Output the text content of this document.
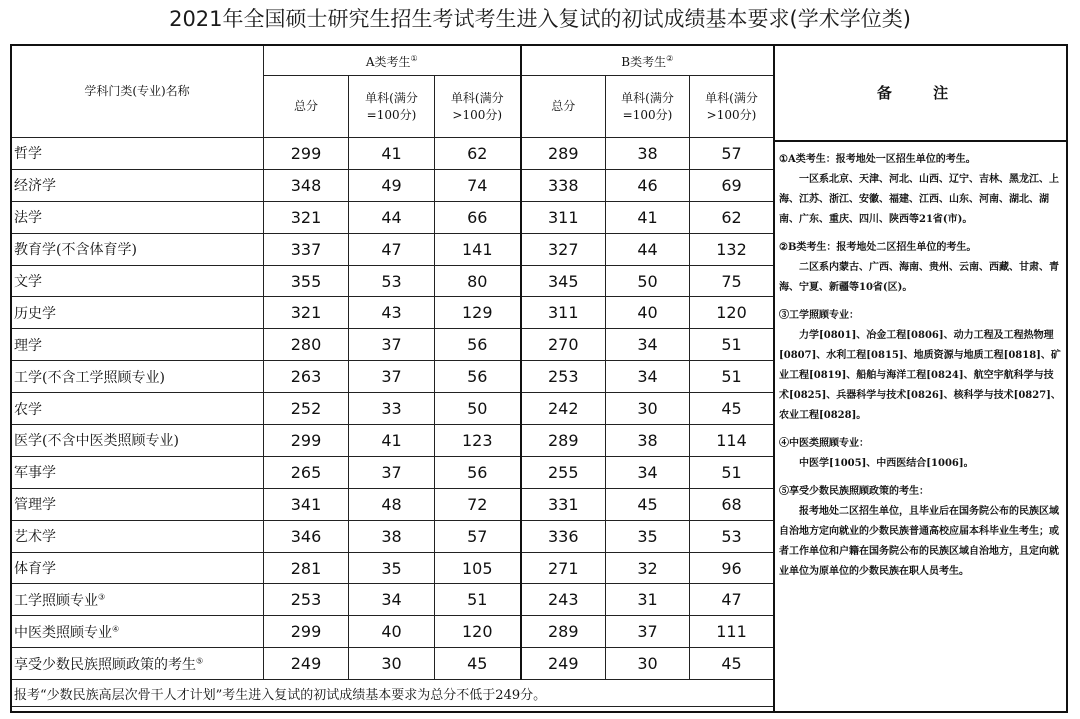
2021年全国硕士研究生招生考试考生进入复试的初试成绩基本要求(学术学位类)
学科门类(专业)名称	A类考生①			B类考生②
	总分	单科(满分=100分)	单科(满分>100分)	总分	单科(满分=100分)	单科(满分>100分)
哲学	299	41	62	289	38	57
经济学	348	49	74	338	46	69
法学	321	44	66	311	41	62
教育学(不含体育学)	337	47	141	327	44	132
文学	355	53	80	345	50	75
历史学	321	43	129	311	40	120
理学	280	37	56	270	34	51
工学(不含工学照顾专业)	263	37	56	253	34	51
农学	252	33	50	242	30	45
医学(不含中医类照顾专业)	299	41	123	289	38	114
军事学	265	37	56	255	34	51
管理学	341	48	72	331	45	68
艺术学	346	38	57	336	35	53
体育学	281	35	105	271	32	96
工学照顾专业③	253	34	51	243	31	47
中医类照顾专业④	299	40	120	289	37	111
享受少数民族照顾政策的考生⑤	249	30	45	249	30	45
报考“少数民族高层次骨干人才计划”考生进入复试的初试成绩基本要求为总分不低于249分。						
备 注
①A类考生：报考地处一区招生单位的考生。
一区系北京、天津、河北、山西、辽宁、吉林、黑龙江、上海、江苏、浙江、安徽、福建、江西、山东、河南、湖北、湖南、广东、重庆、四川、陕西等21省(市)。
②B类考生：报考地处二区招生单位的考生。
二区系内蒙古、广西、海南、贵州、云南、西藏、甘肃、青海、宁夏、新疆等10省(区)。
③工学照顾专业：
力学[0801]、冶金工程[0806]、动力工程及工程热物理[0807]、水利工程[0815]、地质资源与地质工程[0818]、矿业工程[0819]、船舶与海洋工程[0824]、航空宇航科学与技术[0825]、兵器科学与技术[0826]、核科学与技术[0827]、农业工程[0828]。
④中医类照顾专业：
中医学[1005]、中西医结合[1006]。
⑤享受少数民族照顾政策的考生：
报考地处二区招生单位，且毕业后在国务院公布的民族区域自治地方定向就业的少数民族普通高校应届本科毕业生考生；或者工作单位和户籍在国务院公布的民族区域自治地方，且定向就业单位为原单位的少数民族在职人员考生。
